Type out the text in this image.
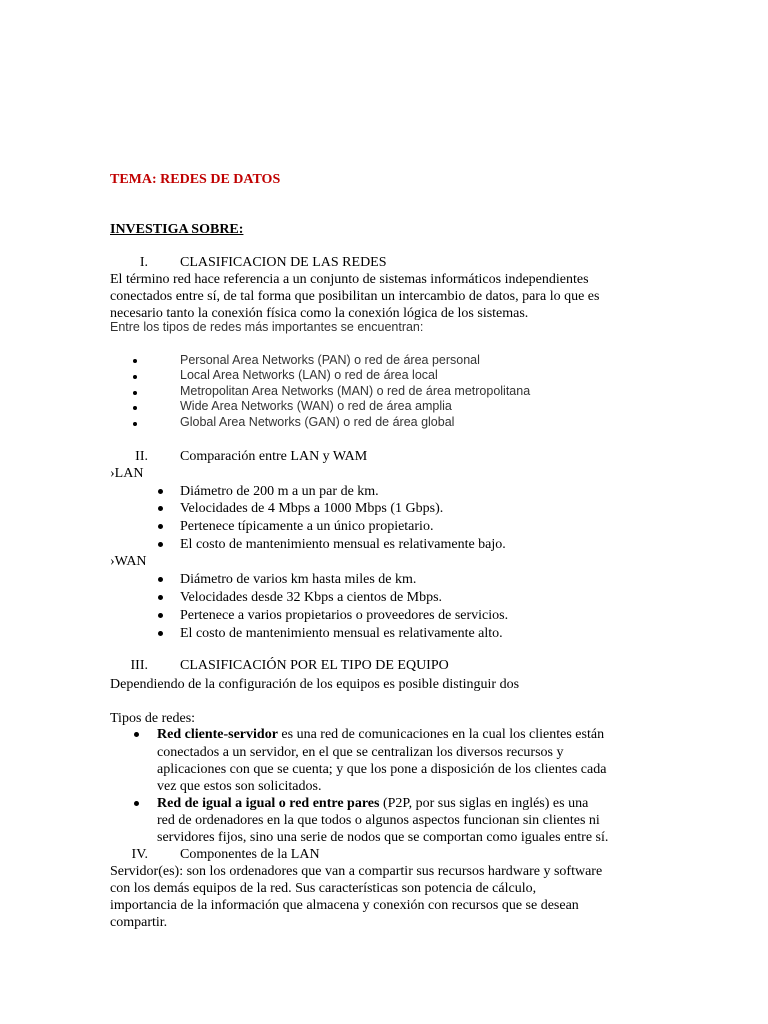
TEMA: REDES DE DATOS
INVESTIGA SOBRE:
I. CLASIFICACION DE LAS REDES
El término red hace referencia a un conjunto de sistemas informáticos independientes
conectados entre sí, de tal forma que posibilitan un intercambio de datos, para lo que es
necesario tanto la conexión física como la conexión lógica de los sistemas.
Entre los tipos de redes más importantes se encuentran:
Personal Area Networks (PAN) o red de área personal
Local Area Networks (LAN) o red de área local
Metropolitan Area Networks (MAN) o red de área metropolitana
Wide Area Networks (WAN) o red de área amplia
Global Area Networks (GAN) o red de área global
II. Comparación entre LAN y WAM
›LAN
Diámetro de 200 m a un par de km.
Velocidades de 4 Mbps a 1000 Mbps (1 Gbps).
Pertenece típicamente a un único propietario.
El costo de mantenimiento mensual es relativamente bajo.
›WAN
Diámetro de varios km hasta miles de km.
Velocidades desde 32 Kbps a cientos de Mbps.
Pertenece a varios propietarios o proveedores de servicios.
El costo de mantenimiento mensual es relativamente alto.
III. CLASIFICACIÓN POR EL TIPO DE EQUIPO
Dependiendo de la configuración de los equipos es posible distinguir dos
Tipos de redes:
Red cliente-servidor es una red de comunicaciones en la cual los clientes están
conectados a un servidor, en el que se centralizan los diversos recursos y
aplicaciones con que se cuenta; y que los pone a disposición de los clientes cada
vez que estos son solicitados.
Red de igual a igual o red entre pares (P2P, por sus siglas en inglés) es una
red de ordenadores en la que todos o algunos aspectos funcionan sin clientes ni
servidores fijos, sino una serie de nodos que se comportan como iguales entre sí.
IV. Componentes de la LAN
Servidor(es): son los ordenadores que van a compartir sus recursos hardware y software
con los demás equipos de la red. Sus características son potencia de cálculo,
importancia de la información que almacena y conexión con recursos que se desean
compartir.
